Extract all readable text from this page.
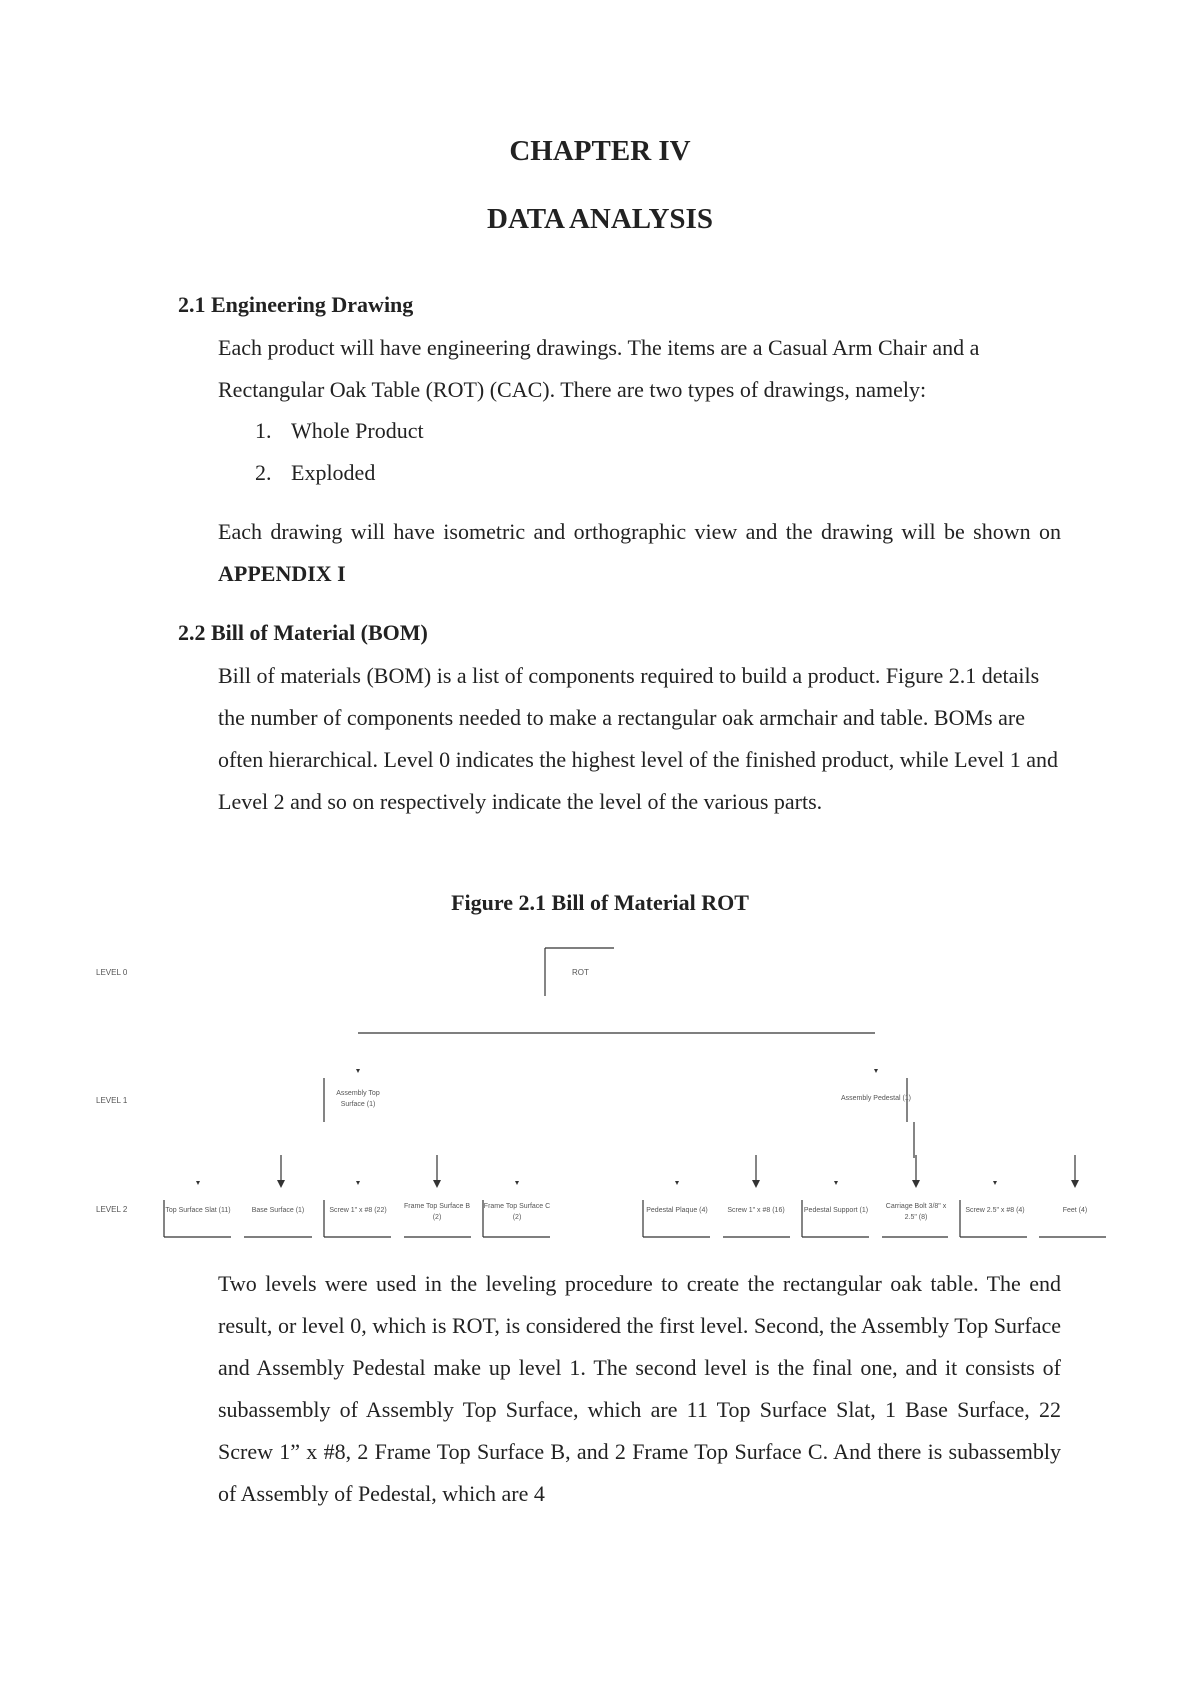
CHAPTER IV
DATA ANALYSIS
2.1 Engineering Drawing
Each product will have engineering drawings. The items are a Casual Arm Chair and a Rectangular Oak Table (ROT) (CAC). There are two types of drawings, namely:
1. Whole Product
2. Exploded
Each drawing will have isometric and orthographic view and the drawing will be shown on APPENDIX I
2.2 Bill of Material (BOM)
Bill of materials (BOM) is a list of components required to build a product. Figure 2.1 details the number of components needed to make a rectangular oak armchair and table. BOMs are often hierarchical. Level 0 indicates the highest level of the finished product, while Level 1 and Level 2 and so on respectively indicate the level of the various parts.
Figure 2.1 Bill of Material ROT
LEVEL 0
LEVEL 1
LEVEL 2
ROT
Assembly Top
Surface (1)
Assembly Pedestal (1)
Top Surface Slat (11)	Base Surface (1)	Screw 1" x #8 (22)
Frame Top Surface B
(2)
Frame Top Surface C
(2)
Pedestal Plaque (4)	Screw 1" x #8 (16)	Pedestal Support (1)
Carriage Bolt 3/8" x
2.5" (8)
Screw 2.5" x #8 (4)	Feet (4)
Two levels were used in the leveling procedure to create the rectangular oak table. The end result, or level 0, which is ROT, is considered the first level. Second, the Assembly Top Surface and Assembly Pedestal make up level 1. The second level is the final one, and it consists of subassembly of Assembly Top Surface, which are 11 Top Surface Slat, 1 Base Surface, 22 Screw 1” x #8, 2 Frame Top Surface B, and 2 Frame Top Surface C. And there is subassembly of Assembly of Pedestal, which are 4
